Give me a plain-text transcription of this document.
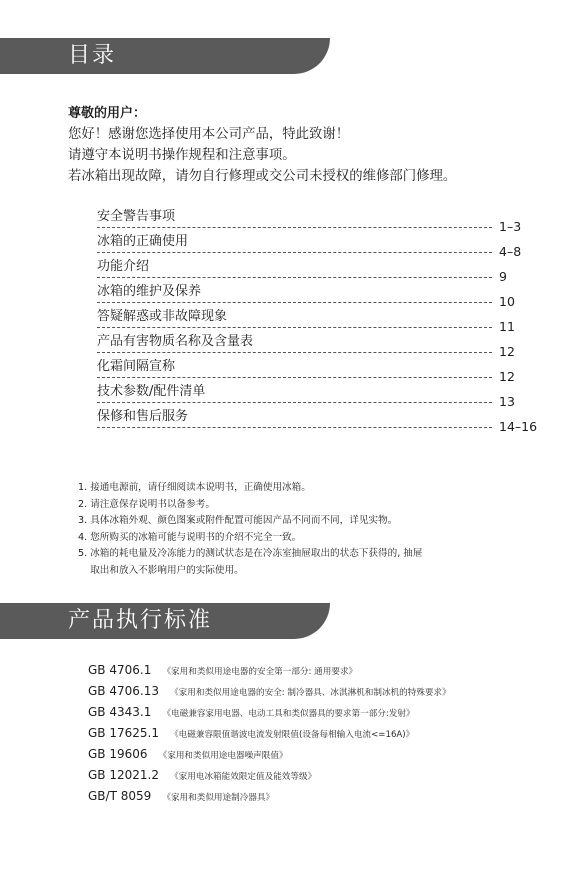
目录
尊敬的用户：
您好！感谢您选择使用本公司产品，特此致谢！
请遵守本说明书操作规程和注意事项。
若冰箱出现故障，请勿自行修理或交公司未授权的维修部门修理。
安全警告事项
1–3
冰箱的正确使用
4–8
功能介绍
9
冰箱的维护及保养
10
答疑解惑或非故障现象
11
产品有害物质名称及含量表
12
化霜间隔宣称
12
技术参数/配件清单
13
保修和售后服务
14–16
1. 接通电源前，请仔细阅读本说明书，正确使用冰箱。
2. 请注意保存说明书以备参考。
3. 具体冰箱外观、颜色图案或附件配置可能因产品不同而不同，详见实物。
4. 您所购买的冰箱可能与说明书的介绍不完全一致。
5. 冰箱的耗电量及冷冻能力的测试状态是在冷冻室抽屉取出的状态下获得的, 抽屉
取出和放入不影响用户的实际使用。
产品执行标准
GB 4706.1 《家用和类似用途电器的安全第一部分: 通用要求》
GB 4706.13 《家用和类似用途电器的安全: 制冷器具、冰淇淋机和制冰机的特殊要求》
GB 4343.1 《电磁兼容家用电器、电动工具和类似器具的要求第一部分:发射》
GB 17625.1 《电磁兼容限值谐波电流发射限值(设备每相输入电流<=16A)》
GB 19606 《家用和类似用途电器噪声限值》
GB 12021.2 《家用电冰箱能效限定值及能效等级》
GB/T 8059 《家用和类似用途制冷器具》
